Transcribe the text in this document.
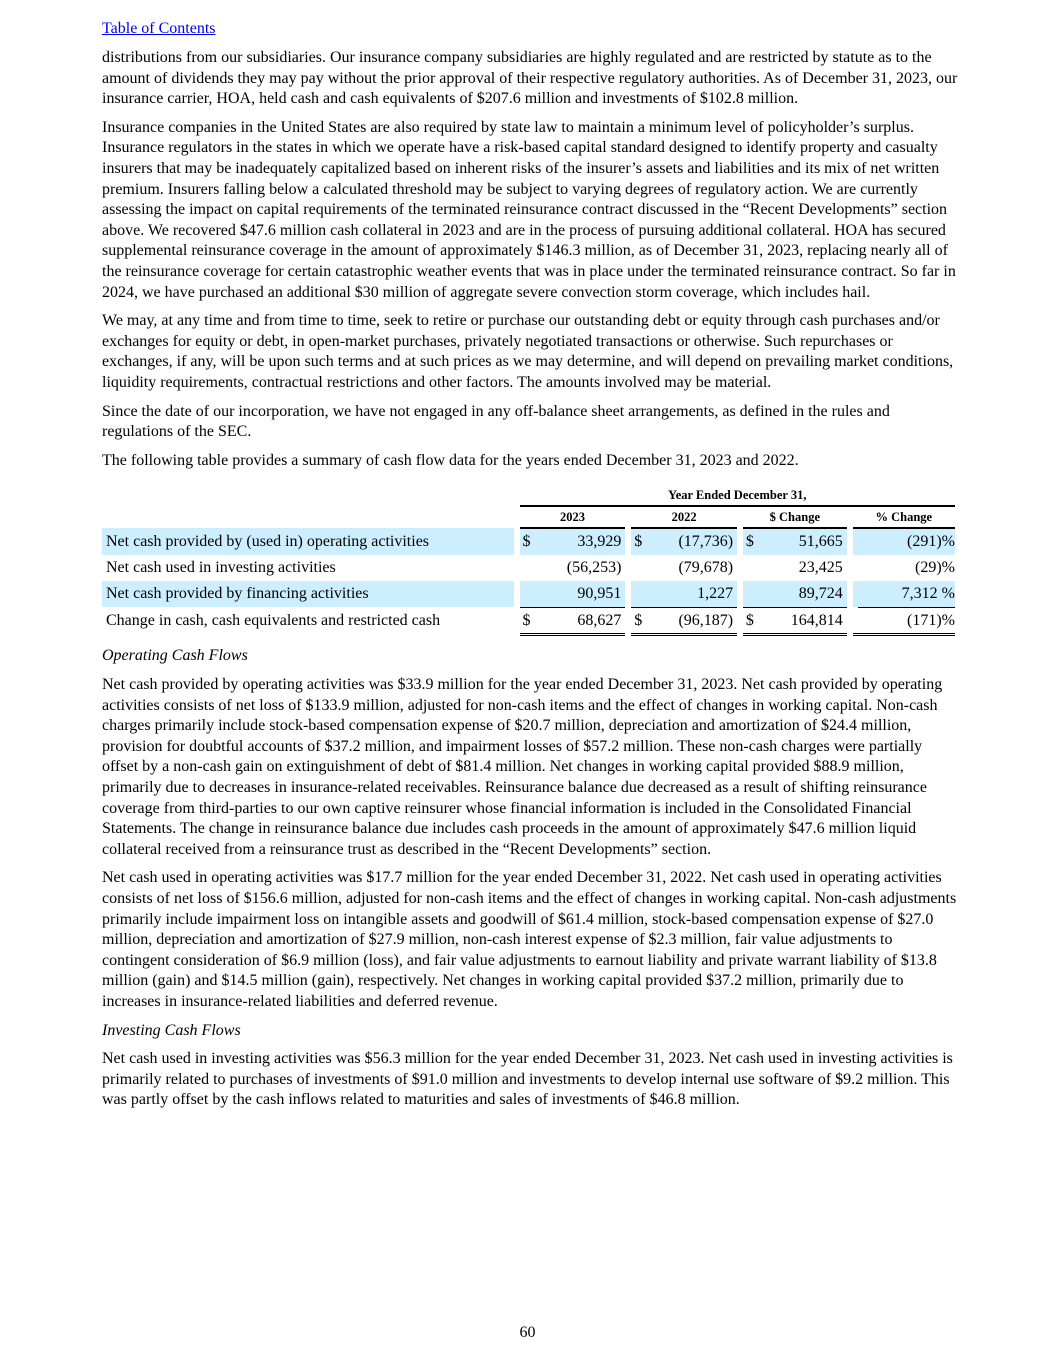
Table of Contents

distributions from our subsidiaries. Our insurance company subsidiaries are highly regulated and are restricted by statute as to the amount of dividends they may pay without the prior approval of their respective regulatory authorities. As of December 31, 2023, our insurance carrier, HOA, held cash and cash equivalents of $207.6 million and investments of $102.8 million.

Insurance companies in the United States are also required by state law to maintain a minimum level of policyholder’s surplus. Insurance regulators in the states in which we operate have a risk-based capital standard designed to identify property and casualty insurers that may be inadequately capitalized based on inherent risks of the insurer’s assets and liabilities and its mix of net written premium. Insurers falling below a calculated threshold may be subject to varying degrees of regulatory action. We are currently assessing the impact on capital requirements of the terminated reinsurance contract discussed in the “Recent Developments” section above. We recovered $47.6 million cash collateral in 2023 and are in the process of pursuing additional collateral. HOA has secured supplemental reinsurance coverage in the amount of approximately $146.3 million, as of December 31, 2023, replacing nearly all of the reinsurance coverage for certain catastrophic weather events that was in place under the terminated reinsurance contract. So far in 2024, we have purchased an additional $30 million of aggregate severe convection storm coverage, which includes hail.

We may, at any time and from time to time, seek to retire or purchase our outstanding debt or equity through cash purchases and/or exchanges for equity or debt, in open-market purchases, privately negotiated transactions or otherwise. Such repurchases or exchanges, if any, will be upon such terms and at such prices as we may determine, and will depend on prevailing market conditions, liquidity requirements, contractual restrictions and other factors. The amounts involved may be material.

Since the date of our incorporation, we have not engaged in any off-balance sheet arrangements, as defined in the rules and regulations of the SEC.

The following table provides a summary of cash flow data for the years ended December 31, 2023 and 2022.

		Year Ended December 31,										
		2023			2022			$ Change			% Change	
Net cash provided by (used in) operating activities		$	33,929		$	(17,736)		$	51,665			(291)%
Net cash used in investing activities			(56,253)			(79,678)			23,425			(29)%
Net cash provided by financing activities			90,951			1,227			89,724			7,312 %
Change in cash, cash equivalents and restricted cash		$	68,627		$	(96,187)		$	164,814			(171)%

Operating Cash Flows

Net cash provided by operating activities was $33.9 million for the year ended December 31, 2023. Net cash provided by operating activities consists of net loss of $133.9 million, adjusted for non-cash items and the effect of changes in working capital. Non-cash charges primarily include stock-based compensation expense of $20.7 million, depreciation and amortization of $24.4 million, provision for doubtful accounts of $37.2 million, and impairment losses of $57.2 million. These non-cash charges were partially offset by a non-cash gain on extinguishment of debt of $81.4 million. Net changes in working capital provided $88.9 million, primarily due to decreases in insurance-related receivables. Reinsurance balance due decreased as a result of shifting reinsurance coverage from third-parties to our own captive reinsurer whose financial information is included in the Consolidated Financial Statements. The change in reinsurance balance due includes cash proceeds in the amount of approximately $47.6 million liquid collateral received from a reinsurance trust as described in the “Recent Developments” section.

Net cash used in operating activities was $17.7 million for the year ended December 31, 2022. Net cash used in operating activities consists of net loss of $156.6 million, adjusted for non-cash items and the effect of changes in working capital. Non-cash adjustments primarily include impairment loss on intangible assets and goodwill of $61.4 million, stock-based compensation expense of $27.0 million, depreciation and amortization of $27.9 million, non-cash interest expense of $2.3 million, fair value adjustments to contingent consideration of $6.9 million (loss), and fair value adjustments to earnout liability and private warrant liability of $13.8 million (gain) and $14.5 million (gain), respectively. Net changes in working capital provided $37.2 million, primarily due to increases in insurance-related liabilities and deferred revenue.

Investing Cash Flows

Net cash used in investing activities was $56.3 million for the year ended December 31, 2023. Net cash used in investing activities is primarily related to purchases of investments of $91.0 million and investments to develop internal use software of $9.2 million. This was partly offset by the cash inflows related to maturities and sales of investments of $46.8 million.

60
